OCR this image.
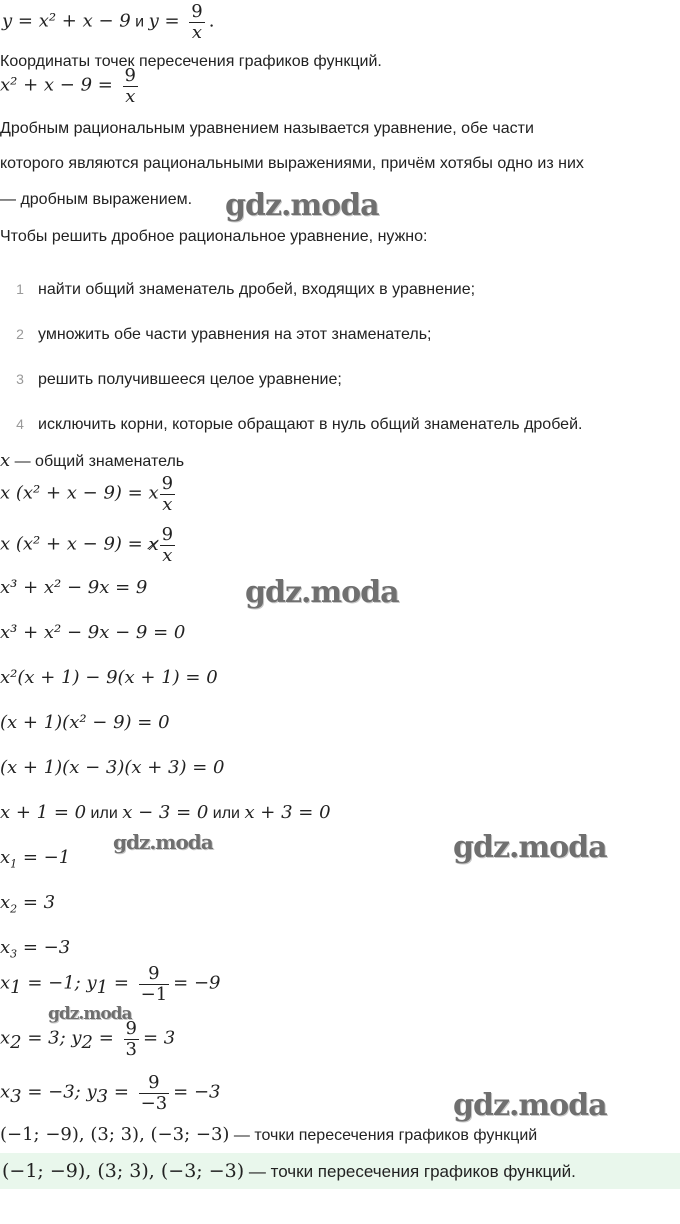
y = x² + x − 9 и $y = \frac{9}{x}$ .
Координаты точек пересечения графиков функций.
$x^2 + x - 9 = \frac{9}{x}$
Дробным рациональным уравнением называется уравнение, обе части
которого являются рациональными выражениями, причём хотябы одно из них
— дробным выражением.
Чтобы решить дробное рациональное уравнение, нужно:
1 найти общий знаменатель дробей, входящих в уравнение;
2 умножить обе части уравнения на этот знаменатель;
3 решить получившееся целое уравнение;
4 исключить корни, которые обращают в нуль общий знаменатель дробей.
x — общий знаменатель
x (x² + x − 9) = x $\frac{9}{x}$
x (x² + x − 9) = x $\frac{9}{x}$
x³ + x² − 9x = 9
x³ + x² − 9x − 9 = 0
x²(x + 1) − 9(x + 1) = 0
(x + 1)(x² − 9) = 0
(x + 1)(x − 3)(x + 3) = 0
x + 1 = 0 или x − 3 = 0 или x + 3 = 0
$x_1 = -1$
$x_2 = 3$
$x_3 = -3$
$x_1 = -1$; $y_1 = \frac{9}{-1} = -9$
$x_2 = 3$; $y_2 = \frac{9}{3} = 3$
$x_3 = -3$; $y_3 = \frac{9}{-3} = -3$
(−1; −9), (3; 3), (−3; −3) — точки пересечения графиков функций
(−1; −9), (3; 3), (−3; −3) — точки пересечения графиков функций.
gdz.moda
gdz.moda
gdz.moda	gdz.moda
gdz.moda
gdz.moda
